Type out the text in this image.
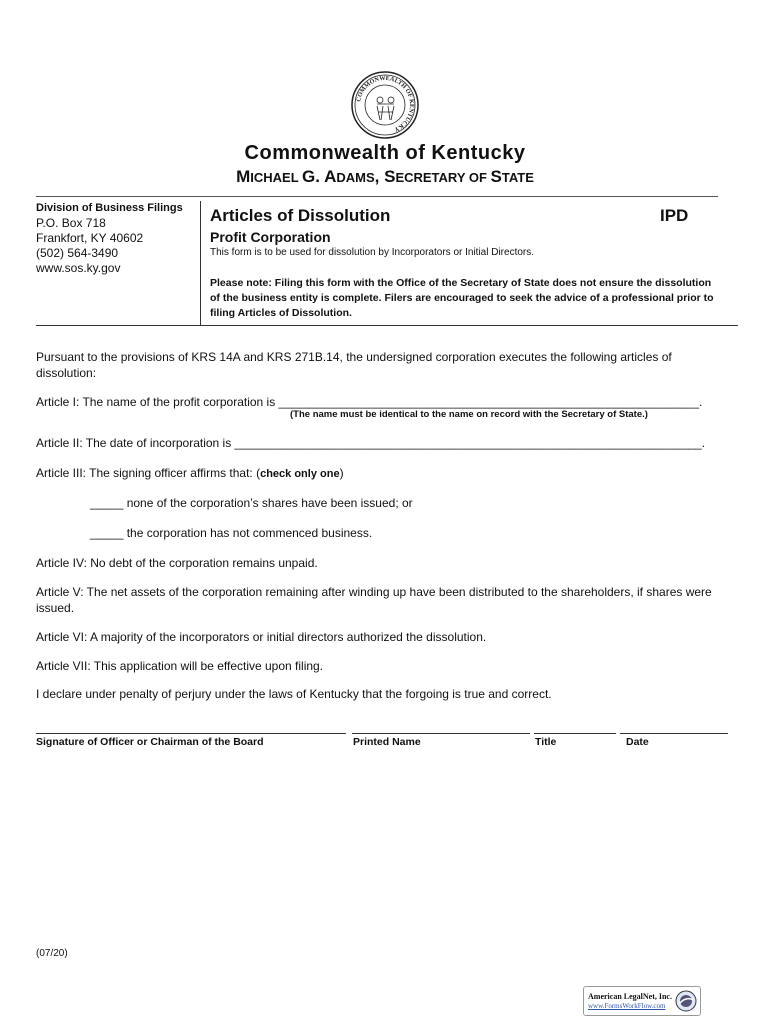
COMMONWEALTH OF KENTUCKY
Commonwealth of Kentucky
MICHAEL G. ADAMS, SECRETARY OF STATE
Division of Business Filings
P.O. Box 718
Frankfort, KY 40602
(502) 564-3490
www.sos.ky.gov
Articles of Dissolution	IPD
Profit Corporation
This form is to be used for dissolution by Incorporators or Initial Directors.
Please note: Filing this form with the Office of the Secretary of State does not ensure the dissolution of the business entity is complete. Filers are encouraged to seek the advice of a professional prior to filing Articles of Dissolution.
Pursuant to the provisions of KRS 14A and KRS 271B.14, the undersigned corporation executes the following articles of dissolution:
Article I: The name of the profit corporation is _______________________________________________________________.
(The name must be identical to the name on record with the Secretary of State.)
Article II: The date of incorporation is ______________________________________________________________________.
Article III: The signing officer affirms that: (check only one)
_____ none of the corporation’s shares have been issued; or
_____ the corporation has not commenced business.
Article IV: No debt of the corporation remains unpaid.
Article V: The net assets of the corporation remaining after winding up have been distributed to the shareholders, if shares were issued.
Article VI: A majority of the incorporators or initial directors authorized the dissolution.
Article VII: This application will be effective upon filing.
I declare under penalty of perjury under the laws of Kentucky that the forgoing is true and correct.
Signature of Officer or Chairman of the Board	Printed Name	Title	Date
(07/20)
American LegalNet, Inc.
www.FormsWorkFlow.com
